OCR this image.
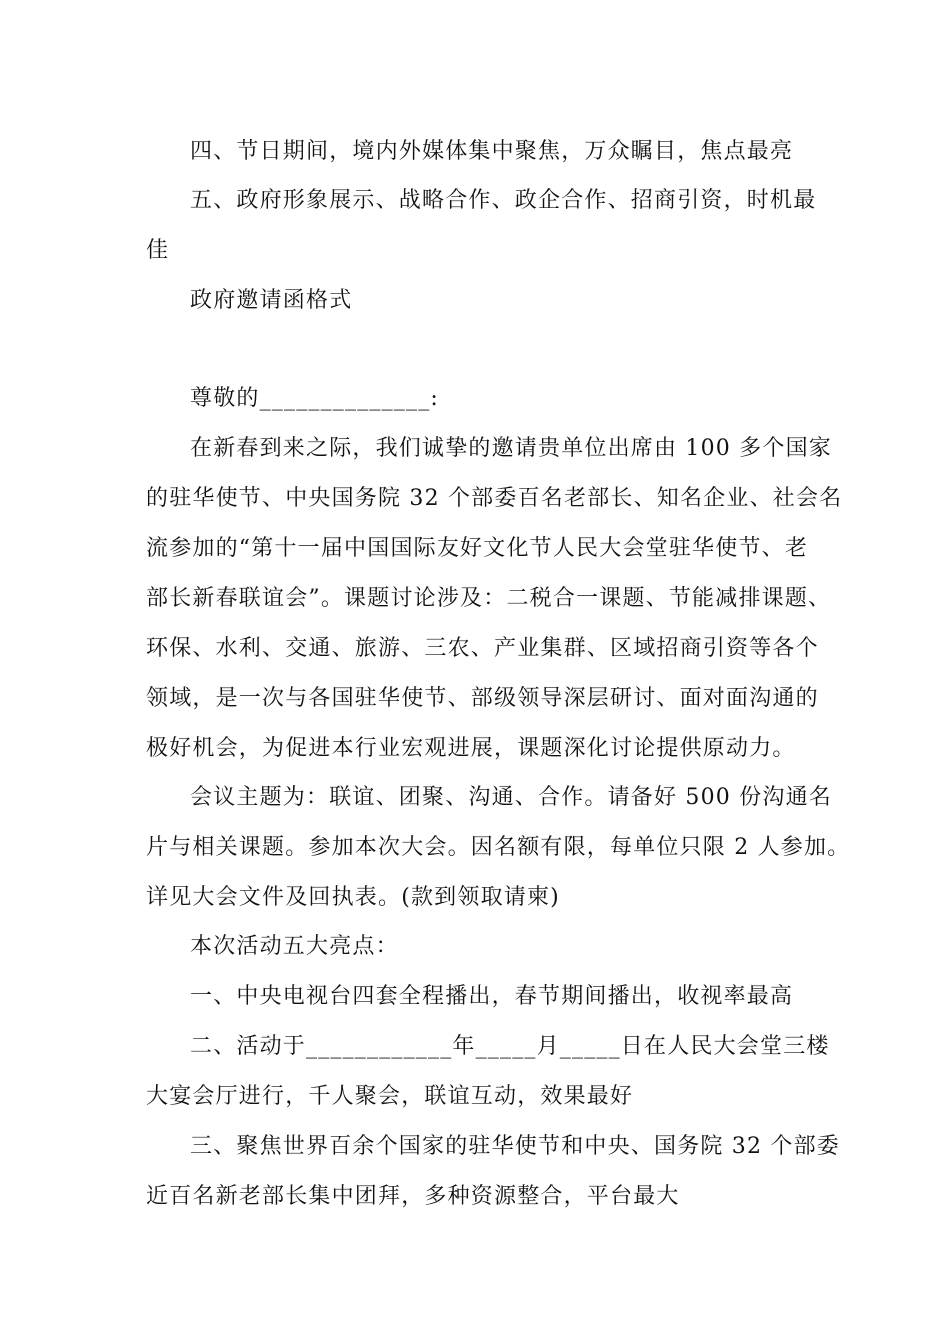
四、节日期间，境内外媒体集中聚焦，万众瞩目，焦点最亮
五、政府形象展示、战略合作、政企合作、招商引资，时机最
佳
政府邀请函格式
尊敬的______________:
在新春到来之际，我们诚挚的邀请贵单位出席由 100 多个国家
的驻华使节、中央国务院 32 个部委百名老部长、知名企业、社会名
流参加的“第十一届中国国际友好文化节人民大会堂驻华使节、老
部长新春联谊会”。课题讨论涉及：二税合一课题、节能减排课题、
环保、水利、交通、旅游、三农、产业集群、区域招商引资等各个
领域，是一次与各国驻华使节、部级领导深层研讨、面对面沟通的
极好机会，为促进本行业宏观进展，课题深化讨论提供原动力。
会议主题为：联谊、团聚、沟通、合作。请备好 500 份沟通名
片与相关课题。参加本次大会。因名额有限，每单位只限 2 人参加。
详见大会文件及回执表。(款到领取请柬)
本次活动五大亮点：
一、中央电视台四套全程播出，春节期间播出，收视率最高
二、活动于____________年_____月_____日在人民大会堂三楼
大宴会厅进行，千人聚会，联谊互动，效果最好
三、聚焦世界百余个国家的驻华使节和中央、国务院 32 个部委
近百名新老部长集中团拜，多种资源整合，平台最大
